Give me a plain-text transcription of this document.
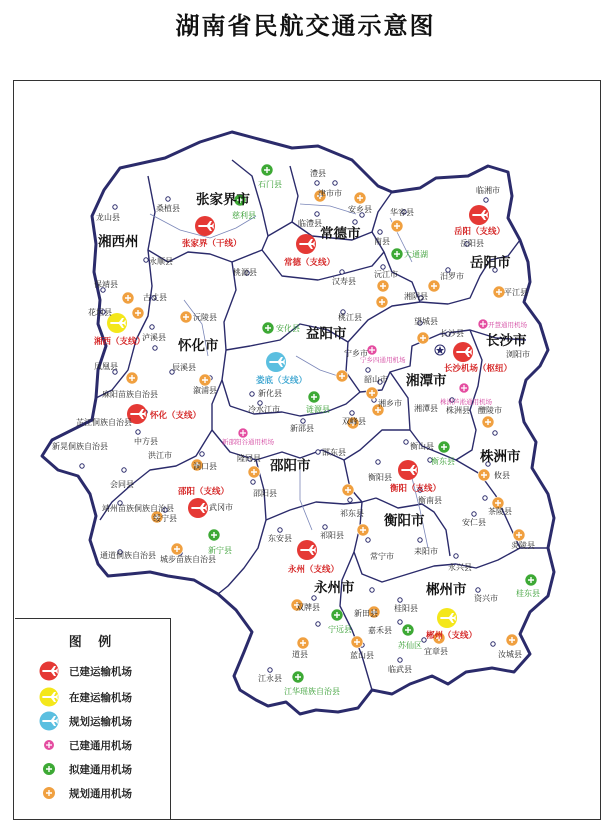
湖南省民航交通示意图
张家界市
常德市
岳阳市
湘西州
怀化市
益阳市	长沙市
湘潭市
株洲市
邵阳市
衡阳市
永州市	郴州市
张家界（干线）
常德（支线）
岳阳（支线）
长沙机场（枢纽）
怀化（支线）
邵阳（支线）	衡阳（支线）
永州（支线）
湘西（支线）
郴州（支线）
娄底（支线）
石门县
慈利县
大通湖
安化县
涟源县
衡东县
新宁县
宁远县
苏仙区
江华瑶族自治县
桂东县
开慧通用机场
宁乡四通用机场
株洲芦淞通用机场
新邵阳谷通用机场
澧县
津市市
安乡县
临澧县
南县
华容县
临湘市
岳阳县
龙山县
桑植县
永顺县
汉寿县
沅江市
湘阴县
汨罗市
平江县
保靖县
古丈县
花垣县
沅陵县
泸溪县
桃源县
桃江县	望城县
长沙县
浏阳市
凤凰县	辰溪县
溆浦县
麻阳苗族自治县
宁乡市
韶山市
湘乡市
湘潭县 株洲县 醴陵市
芷江侗族自治县
中方县
洪江市
新化县
冷水江市
新邵县
双峰县
衡山县
攸县
新晃侗族自治县
会同县
洞口县
隆回县
邵东县
衡阳县
衡南县
茶陵县
靖州苗族侗族自治县	武冈市
邵阳县
绥宁县
祁阳县
祁东县
安仁县
炎陵县
通道侗族自治县 城步苗族自治县
东安县
常宁市
耒阳市
永兴县
资兴市
双牌县
新田县
嘉禾县
桂阳县
道县	宜章县	汝城县
蓝山县
临武县
江永县
图 例
已建运输机场
在建运输机场
规划运输机场
已建通用机场
拟建通用机场
规划通用机场
